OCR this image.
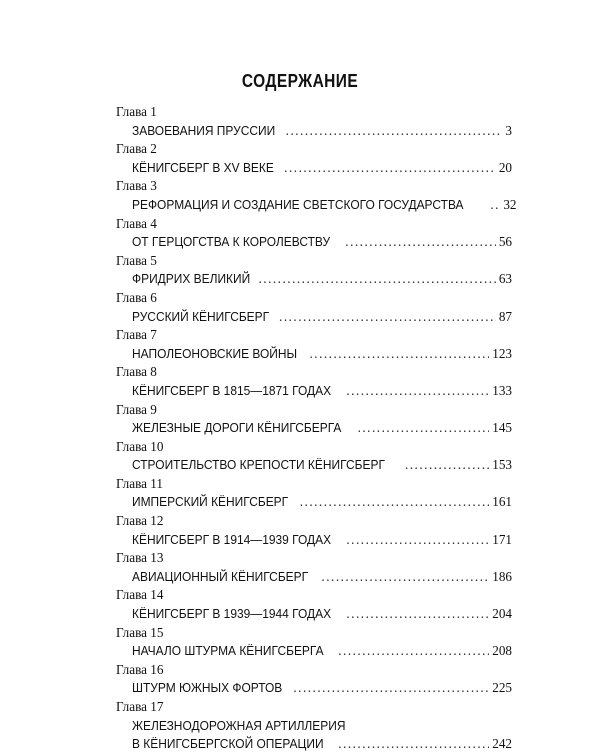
СОДЕРЖАНИЕ
Глава 1
ЗАВОЕВАНИЯ ПРУССИИ .....	3
Глава 2
КЁНИГСБЕРГ В XV ВЕКЕ .....	20
Глава 3
РЕФОРМАЦИЯ И СОЗДАНИЕ СВЕТСКОГО ГОСУДАРСТВА .....	32
Глава 4
ОТ ГЕРЦОГСТВА К КОРОЛЕВСТВУ .....	56
Глава 5
ФРИДРИХ ВЕЛИКИЙ .....	63
Глава 6
РУССКИЙ КЁНИГСБЕРГ .....	87
Глава 7
НАПОЛЕОНОВСКИЕ ВОЙНЫ .....	123
Глава 8
КЁНИГСБЕРГ В 1815—1871 ГОДАХ .....	133
Глава 9
ЖЕЛЕЗНЫЕ ДОРОГИ КЁНИГСБЕРГА .....	145
Глава 10
СТРОИТЕЛЬСТВО КРЕПОСТИ КЁНИГСБЕРГ .....	153
Глава 11
ИМПЕРСКИЙ КЁНИГСБЕРГ .....	161
Глава 12
КЁНИГСБЕРГ В 1914—1939 ГОДАХ .....	171
Глава 13
АВИАЦИОННЫЙ КЁНИГСБЕРГ .....	186
Глава 14
КЁНИГСБЕРГ В 1939—1944 ГОДАХ .....	204
Глава 15
НАЧАЛО ШТУРМА КЁНИГСБЕРГА .....	208
Глава 16
ШТУРМ ЮЖНЫХ ФОРТОВ .....	225
Глава 17
ЖЕЛЕЗНОДОРОЖНАЯ АРТИЛЛЕРИЯ
В КЁНИГСБЕРГСКОЙ ОПЕРАЦИИ .....	242
